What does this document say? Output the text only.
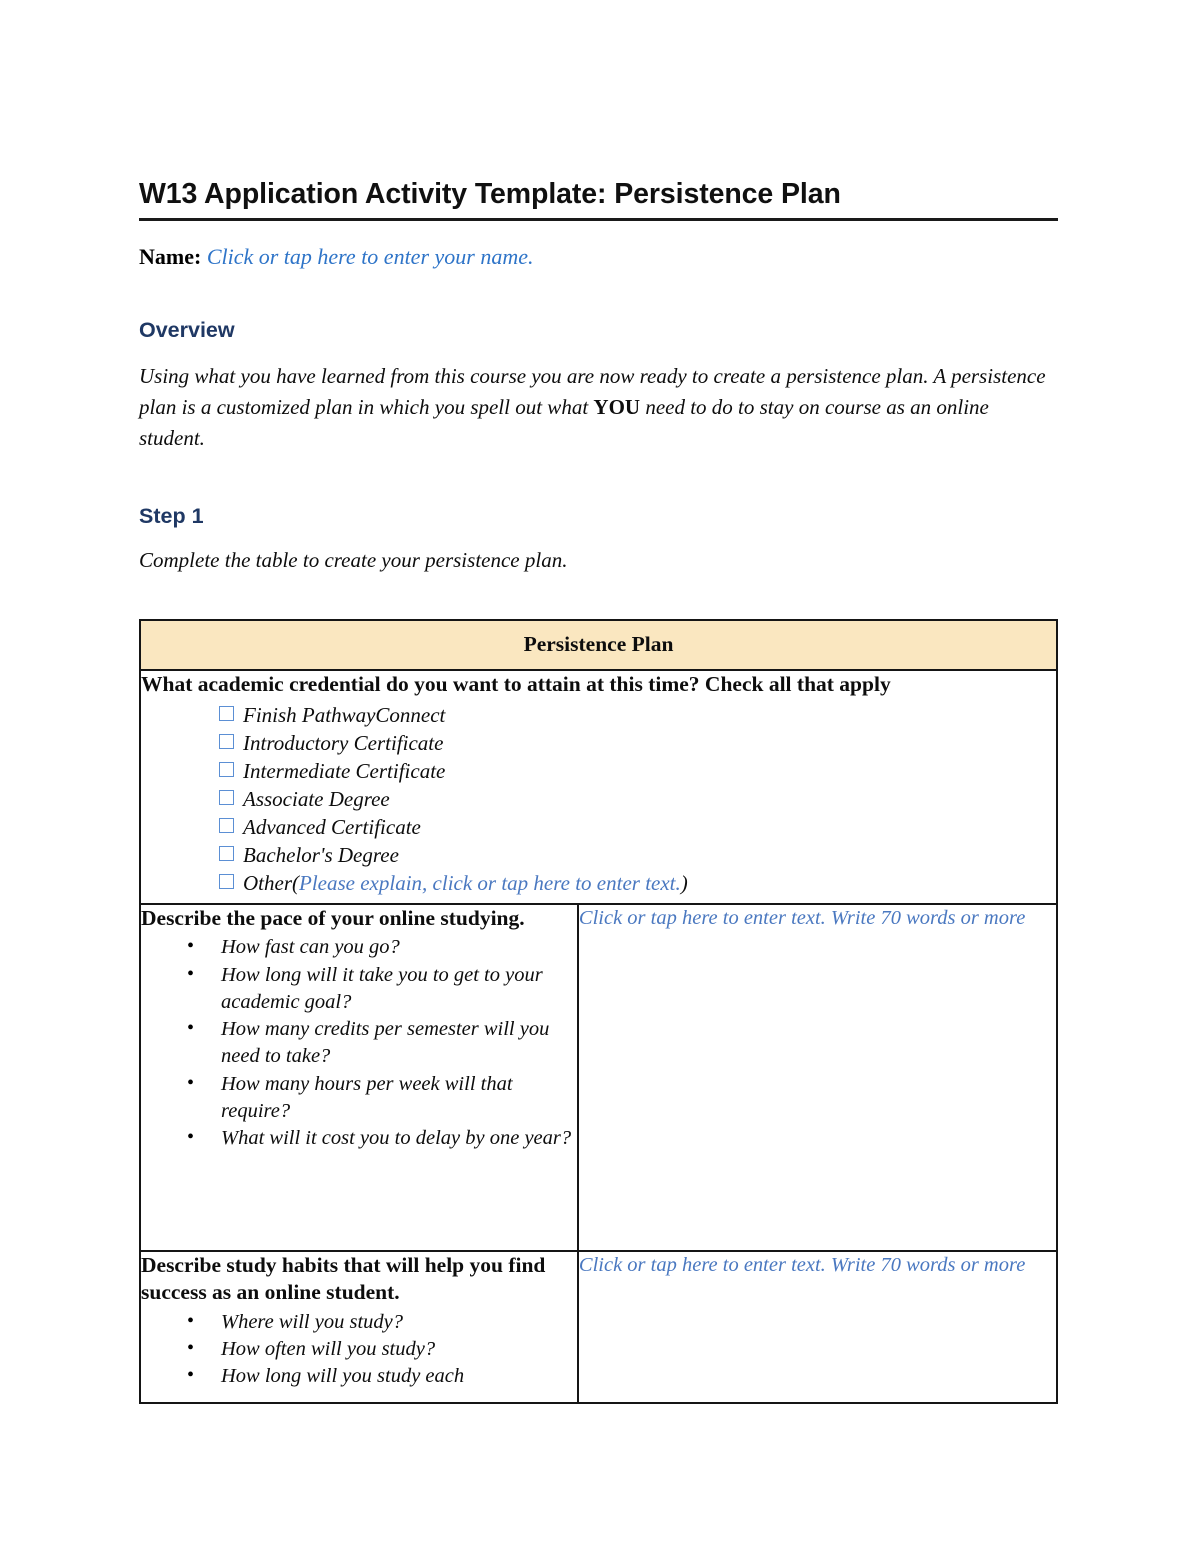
W13 Application Activity Template: Persistence Plan

Name: Click or tap here to enter your name.

Overview

Using what you have learned from this course you are now ready to create a persistence plan. A persistence plan is a customized plan in which you spell out what YOU need to do to stay on course as an online student.

Step 1

Complete the table to create your persistence plan.

Persistence Plan	

What academic credential do you want to attain at this time? Check all that apply
Finish PathwayConnect
Introductory Certificate
Intermediate Certificate
Associate Degree
Advanced Certificate
Bachelor's Degree
Other(Please explain, click or tap here to enter text.)

Describe the pace of your online studying.
• How fast can you go?
• How long will it take you to get to your academic goal?
• How many credits per semester will you need to take?
• How many hours per week will that require?
• What will it cost you to delay by one year?
	Click or tap here to enter text. Write 70 words or more

Describe study habits that will help you find success as an online student.
• Where will you study?
• How often will you study?
• How long will you study each
	Click or tap here to enter text. Write 70 words or more
